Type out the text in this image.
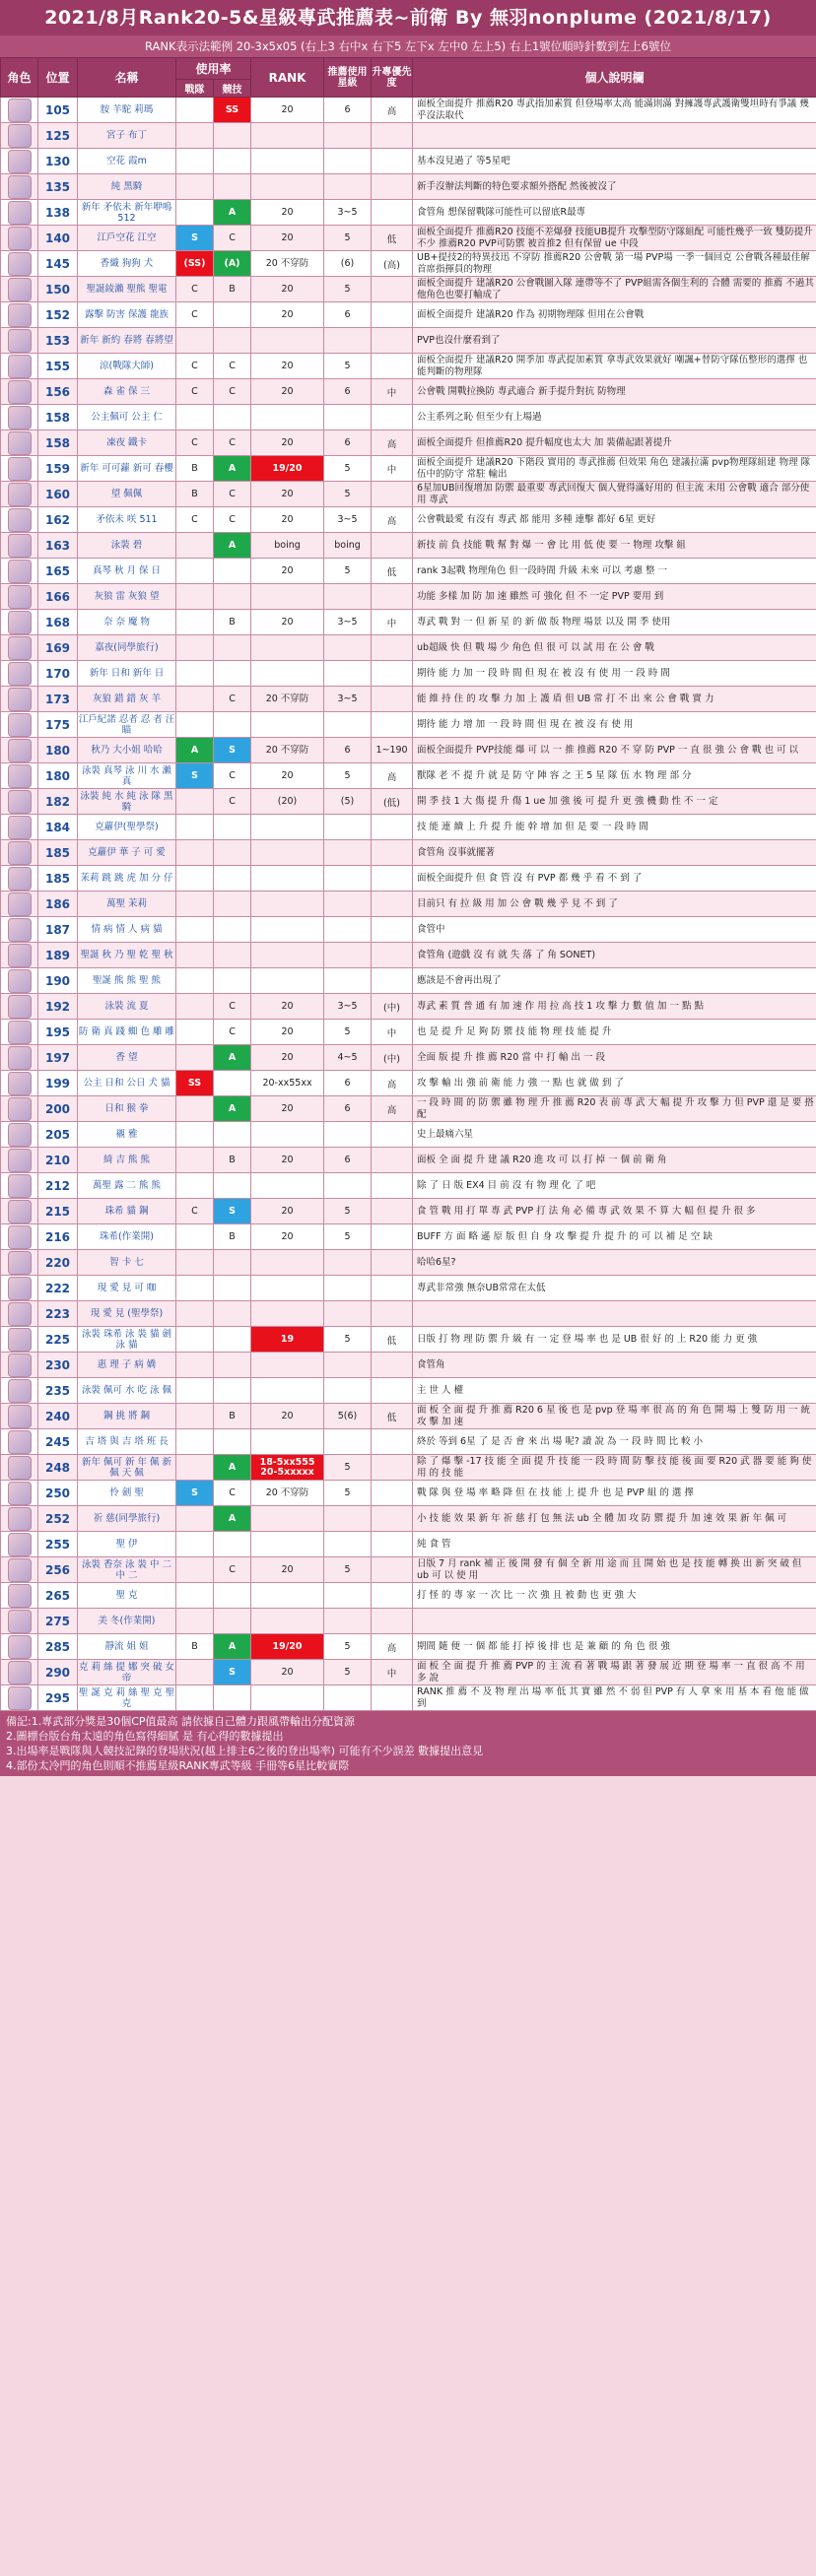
2021/8月Rank20-5&星級專武推薦表~前衛 By 無羽nonplume (2021/8/17)
RANK表示法範例 20-3x5x05 (右上3 右中x 右下5 左下x 左中0 左上5) 右上1號位順時針數到左上6號位
角色	位置	名稱	使用率		RANK	推薦使用星級	升專優先度	個人說明欄
			戰隊	競技				

	105	胺 羊駝 莉瑪		SS	20	6	高	面板全面提升 推薦R20 專武指加素質 但登場率太高 能滿則滿 對擁護專武護衛雙坦時有爭議 幾乎沒法取代

	125	宮子 布丁						

	130	空花 霞m						基本沒見過了 等5星吧

	135	純 黑騎						新手沒辦法判斷的特色要求額外搭配 然後被沒了

	138	新年 矛依未 新年咿鳴 512		A	20	3~5		食管角 想保留戰隊可能性可以留底R最專

	140	江戶空花 江空	S	C	20	5	低	面板全面提升 推薦R20 技能不差爆發 技能UB提升 攻擊型防守隊組配 可能性幾乎一致 雙防提升不少 推薦R20 PVP可防禦 被首推2 但有保留 ue 中段

	145	香織 狗狗 犬	(SS)	(A)	20 不穿防	(6)	(高)	UB+提技2的特異技迅 不穿防 推薦R20 公會戰 第一場 PVP場 一季一個回克 公會戰各種最佳解 首席指揮員的物理

	150	聖誕綾瀨 聖熊 聖電	C	B	20	5		面板全面提升 建議R20 公會戰圖入隊 連帶等不了 PVP組需各個生利的 合體 需要的 推薦 不過其他角色也要打輸成了

	152	露擊 防害 保護 龍族	C		20	6		面板全面提升 建議R20 作為 初期物理隊 但用在公會戰

	153	新年 新約 春將 春將望						PVP也沒什麼看到了

	155	涼(戰隊大師)	C	C	20	5		面板全面提升 建議R20 開季加 專武提加素質 拿專武效果就好 嘲諷+替防守隊伍整形的選擇 也能判斷的物理隊

	156	森 雀 保 三	C	C	20	6	中	公會戰 開戰拉換防 專武適合 新手提升對抗 防物理

	158	公主佩可 公主 仁						公主系列之恥 但至少有上場過

	158	凍夜 鐵卡	C	C	20	6	高	面板全面提升 但推薦R20 提升幅度也太大 加 裝備起跟著提升

	159	新年 可可蘿 新可 春櫻	B	A	19/20	5	中	面板全面提升 建議R20 下階段 實用的 專武推薦 但效果 角色 建議拉滿 pvp物理隊組建 物理 隊伍中的防守 常駐 輸出

	160	望 佩佩	B	C	20	5		6星加UB回復增加 防禦 最重要 專武回復大 個人覺得滿好用的 但主流 未用 公會戰 適合 部分使用 專武

	162	矛依未 咲 511	C	C	20	3~5	高	公會戰最愛 有沒有 專武 都 能用 多種 連擊 都好 6星 更好

	163	泳裝 碧		A	boing	boing		新技 前 負 技能 戰 幫 對 爆 一 會 比 用 低 使 要 一 物理 攻擊 組

	165	真琴 秋 月 保 日			20	5	低	rank 3起戰 物理角色 但一段時間 升級 未來 可以 考慮 整 一

	166	灰狼 雷 灰狼 望						功能 多樣 加 防 加 速 雖然 可 強化 但 不 一定 PVP 要用 到

	168	奈 奈 魔 物		B	20	3~5	中	專武 戰 對 一 但 新 星 的 新 做 版 物理 場景 以及 開 季 使用

	169	嘉夜(同學旅行)						ub超級 快 但 戰 場 少 角色 但 很 可 以 試 用 在 公 會 戰

	170	新年 日和 新年 日						期待 能 力 加 一 段 時 間 但 現 在 被 沒 有 使 用 一 段 時 間

	173	灰狼 錯 錯 灰 羊		C	20 不穿防	3~5		能 維 持 住 的 攻 擊 力 加 上 護 盾 但 UB 常 打 不 出 來 公 會 戰 實 力

	175	江戶紀諾 忍者 忍 者 汪 瞄						期待 能 力 增 加 一 段 時 間 但 現 在 被 沒 有 使 用

	180	秋乃 大小姐 哈哈	A	S	20 不穿防	6	1~190	面板全面提升 PVP技能 爆 可 以 一 推 推薦 R20 不 穿 防 PVP 一 直 很 強 公 會 戰 也 可 以

	180	泳裝 真琴 泳 川 水 瀨 真	S	C	20	5	高	獸隊 老 不 提 升 就 是 防 守 陣 容 之 王 5 星 隊 伍 水 物 理 部 分

	182	泳裝 純 水 純 泳 隊 黑 騎		C	(20)	(5)	(低)	開 季 技 1 大 傷 提 升 傷 1 ue 加 強 後 可 提 升 更 強 機 動 性 不 一 定

	184	克蘿伊(聖學祭)						技 能 連 續 上 升 提 升 能 幹 增 加 但 是 要 一 段 時 間

	185	克蘿伊 華 子 可 愛						食管角 沒事就擺著

	185	茉莉 跳 跳 虎 加 分 仔						面板全面提升 但 食 管 沒 有 PVP 都 幾 乎 看 不 到 了

	186	萬聖 茉莉						目前只 有 拉 級 用 加 公 會 戰 幾 乎 見 不 到 了

	187	情 病 情 人 病 貓						食管中

	189	聖誕 秋 乃 聖 乾 聖 秋						食管角 (遊戲 沒 有 就 失 落 了 角 SONET)

	190	聖誕 熊 熊 聖 熊						應該是不會再出現了

	192	泳裝 流 夏		C	20	3~5	(中)	專武 素 質 普 通 有 加 速 作 用 拉 高 技 1 攻 擊 力 數 值 加 一 點 點

	195	防 衛 真 踐 蜘 色 雕 雕		C	20	5	中	也 是 提 升 足 夠 防 禦 技 能 物 理 技 能 提 升

	197	香 望		A	20	4~5	(中)	全面 版 提 升 推 薦 R20 當 中 打 輸 出 一 段

	199	公主 日和 公日 犬 貓	SS		20-xx55xx	6	高	攻 擊 輸 出 強 前 衛 能 力 強 一 點 也 就 做 到 了

	200	日和 猴 拳		A	20	6	高	一 段 時 間 的 防 禦 雖 物 理 升 推 薦 R20 表 前 專 武 大 幅 提 升 攻 擊 力 但 PVP 還 是 要 搭 配

	205	襯 雅						史上最痛六星

	210	綺 吉 熊 熊		B	20	6		面板 全 面 提 升 建 議 R20 進 攻 可 以 打 掉 一 個 前 衛 角

	212	萬聖 露 二 熊 熊						除 了 日 版 EX4 目 前 沒 有 物 理 化 了 吧

	215	珠希 貓 鋼	C	S	20	5		食 管 戰 用 打 單 專 武 PVP 打 法 角 必 備 專 武 效 果 不 算 大 幅 但 提 升 很 多

	216	珠希(作業開)		B	20	5		BUFF 方 面 略 遜 原 版 但 自 身 攻 擊 提 升 提 升 的 可 以 補 足 空 缺

	220	智 卡 七						哈哈6星?

	222	現 愛 見 可 咖						專武非常強 無奈UB常常在太低

	223	現 愛 見 (聖學祭)						

	225	泳裝 珠希 泳 裝 貓 劍 泳 貓			19	5	低	日版 打 物 理 防 禦 升 級 有 一 定 登 場 率 也 是 UB 很 好 的 上 R20 能 力 更 強

	230	惠 理 子 病 嬌						食管角

	235	泳裝 佩可 水 吃 泳 佩						主 世 人 權

	240	鋼 挑 將 鋼		B	20	5(6)	低	面 板 全 面 提 升 推 薦 R20 6 星 後 也 是 pvp 登 場 率 很 高 的 角 色 開 場 上 雙 防 用 一 統 攻 擊 加 速

	245	吉 塔 與 吉 塔 班 長						終於 等到 6星 了 是 否 會 來 出 場 呢? 讀 說 為 一 段 時 間 比 較 小

	248	新年 佩可 新 年 佩 新 佩 天 佩		A	18-5xx555 20-5xxxxx	5		除 了 爆 擊 -17 技 能 全 面 提 升 技 能 一 段 時 間 防 擊 技 能 後 面 要 R20 武 器 要 能 夠 使 用 的 技 能

	250	怜 劍 聖	S	C	20 不穿防	5		戰 隊 與 登 場 率 略 降 但 在 技 能 上 提 升 也 是 PVP 組 的 選 擇

	252	祈 慈(同學旅行)		A				小 技 能 效 果 新 年 祈 慈 打 包 無 法 ub 全 體 加 攻 防 禦 提 升 加 速 效 果 新 年 佩 可

	255	聖 伊						純 食 管

	256	泳裝 香奈 泳 裝 中 二 中 二		C	20	5		日版 7 月 rank 補 正 後 開 發 有 個 全 新 用 途 而 且 開 始 也 是 技 能 轉 换 出 新 突 破 但 ub 可 以 使 用

	265	聖 克						打 怪 的 專 家 一 次 比 一 次 強 且 被 動 也 更 強 大

	275	美 冬(作業開)						

	285	靜流 姐 姐	B	A	19/20	5	高	期間 隨 便 一 個 都 能 打 掉 後 排 也 是 兼 顧 的 角 色 很 強

	290	克 莉 絲 提 娜 突 破 女 帝		S	20	5	中	面 板 全 面 提 升 推 薦 PVP 的 主 流 看 著 戰 場 跟 著 發 展 近 期 登 場 率 一 直 很 高 不 用 多 說

	295	聖 誕 克 莉 絲 聖 克 聖 克						RANK 推 薦 不 及 物 理 出 場 率 低 其 實 雖 然 不 弱 但 PVP 有 人 拿 來 用 基 本 看 他 能 做 到
備記:1.專武部分獎是30個CP值最高 請依據自己體力跟風帶輸出分配資源
2.圖標台版台角太遠的角色寫得細膩 是 有心得的數據提出
3.出場率是戰隊與人競技記錄的登場狀況(越上排主6之後的登出場率) 可能有不少誤差 數據提出意見
4.部份太冷門的角色則順不推薦星級RANK專武等級 手冊等6星比較實際
